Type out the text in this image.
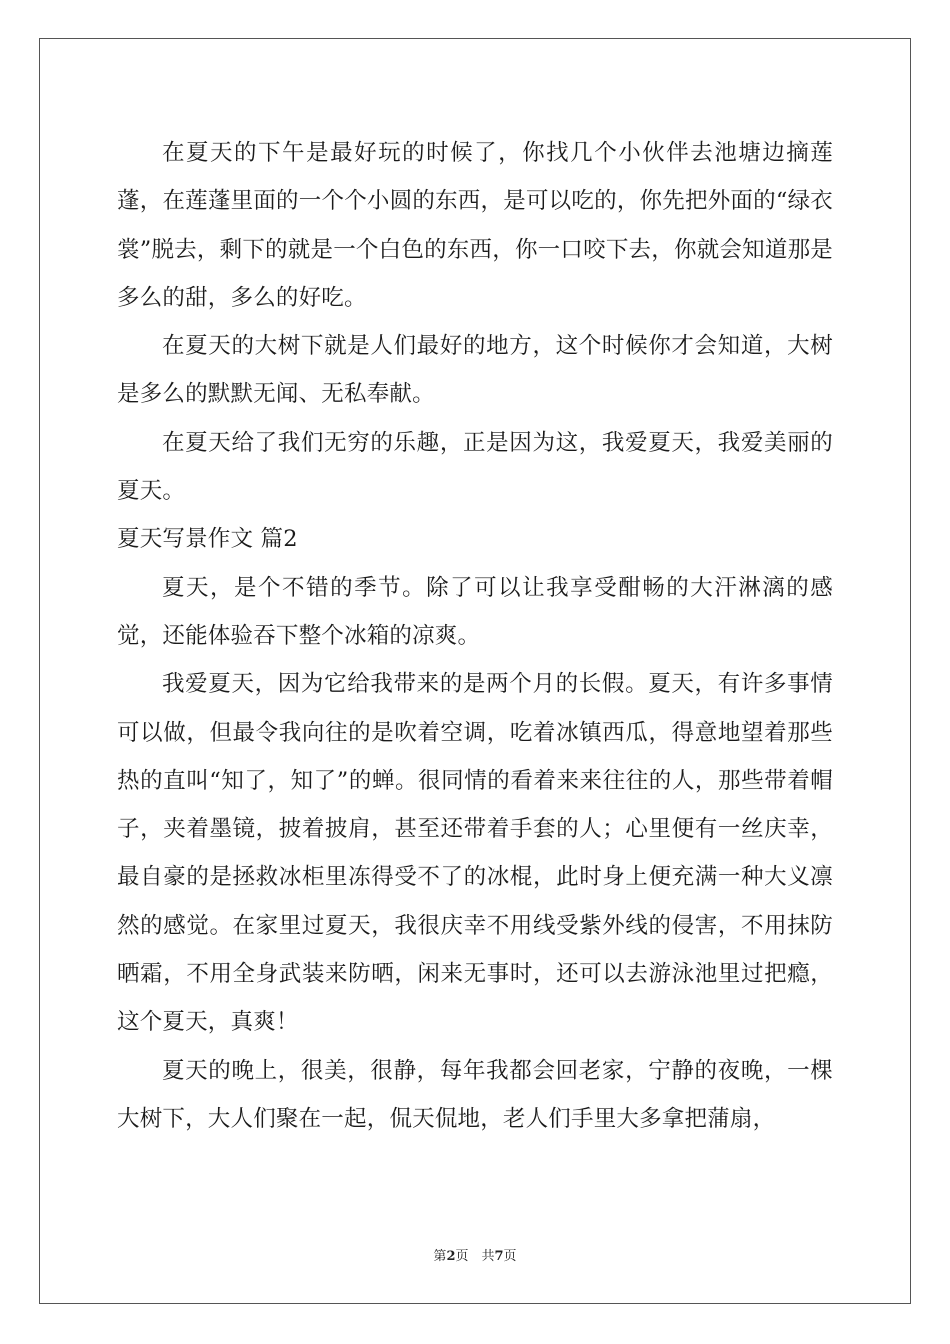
在夏天的下午是最好玩的时候了，你找几个小伙伴去池塘边摘莲蓬，在莲蓬里面的一个个小圆的东西，是可以吃的，你先把外面的“绿衣裳”脱去，剩下的就是一个白色的东西，你一口咬下去，你就会知道那是多么的甜，多么的好吃。

在夏天的大树下就是人们最好的地方，这个时候你才会知道，大树是多么的默默无闻、无私奉献。

在夏天给了我们无穷的乐趣，正是因为这，我爱夏天，我爱美丽的夏天。

夏天写景作文 篇2

夏天，是个不错的季节。除了可以让我享受酣畅的大汗淋漓的感觉，还能体验吞下整个冰箱的凉爽。

我爱夏天，因为它给我带来的是两个月的长假。夏天，有许多事情可以做，但最令我向往的是吹着空调，吃着冰镇西瓜，得意地望着那些热的直叫“知了，知了”的蝉。很同情的看着来来往往的人，那些带着帽子，夹着墨镜，披着披肩，甚至还带着手套的人；心里便有一丝庆幸，最自豪的是拯救冰柜里冻得受不了的冰棍，此时身上便充满一种大义凛然的感觉。在家里过夏天，我很庆幸不用线受紫外线的侵害，不用抹防晒霜，不用全身武装来防晒，闲来无事时，还可以去游泳池里过把瘾，这个夏天，真爽！

夏天的晚上，很美，很静，每年我都会回老家，宁静的夜晚，一棵大树下，大人们聚在一起，侃天侃地，老人们手里大多拿把蒲扇，

第2页　共7页
